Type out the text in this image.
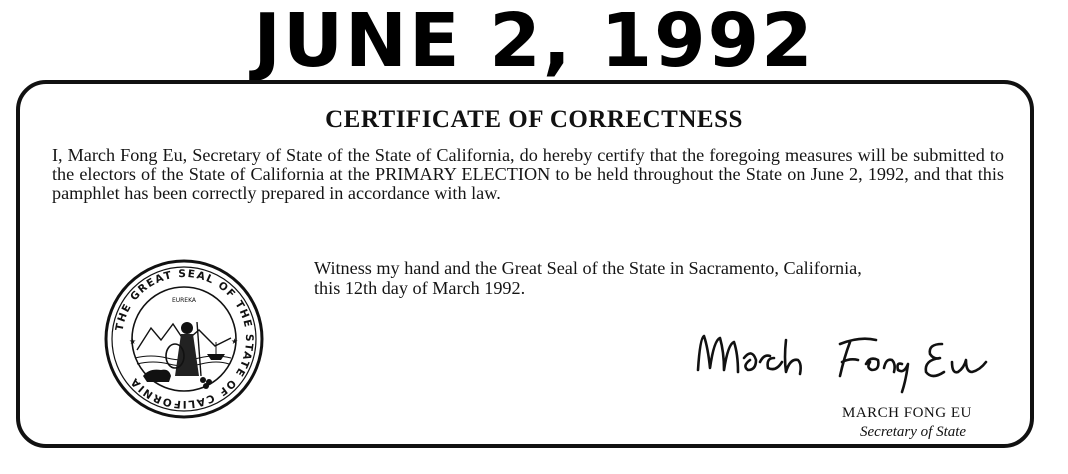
JUNE 2, 1992
CERTIFICATE OF CORRECTNESS
I, March Fong Eu, Secretary of State of the State of California, do hereby certify that the foregoing measures will be submitted to the electors of the State of California at the PRIMARY ELECTION to be held throughout the State on June 2, 1992, and that this pamphlet has been correctly prepared in accordance with law.
Witness my hand and the Great Seal of the State in Sacramento, California,
this 12th day of March 1992.
THE GREAT SEAL OF THE STATE OF CALIFORNIA
★	★
EUREKA
MARCH FONG EU
Secretary of State
